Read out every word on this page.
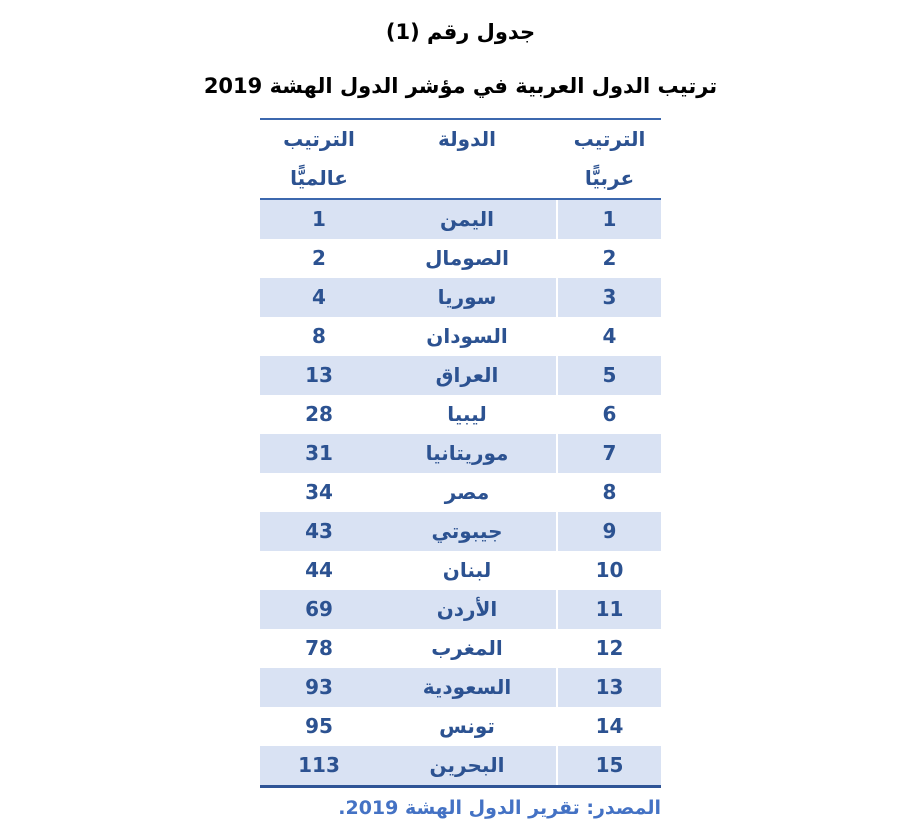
جدول رقم (1)
ترتيب الدول العربية في مؤشر الدول الهشة 2019
الترتيب
عربيًّا
الدولة
الترتيب
عالميًّا
1
اليمن
1
2
الصومال
2
3
سوريا
4
4
السودان
8
5
العراق
13
6
ليبيا
28
7
موريتانيا
31
8
مصر
34
9
جيبوتي
43
10
لبنان
44
11
الأردن
69
12
المغرب
78
13
السعودية
93
14
تونس
95
15
البحرين
113
المصدر: تقرير الدول الهشة 2019.
